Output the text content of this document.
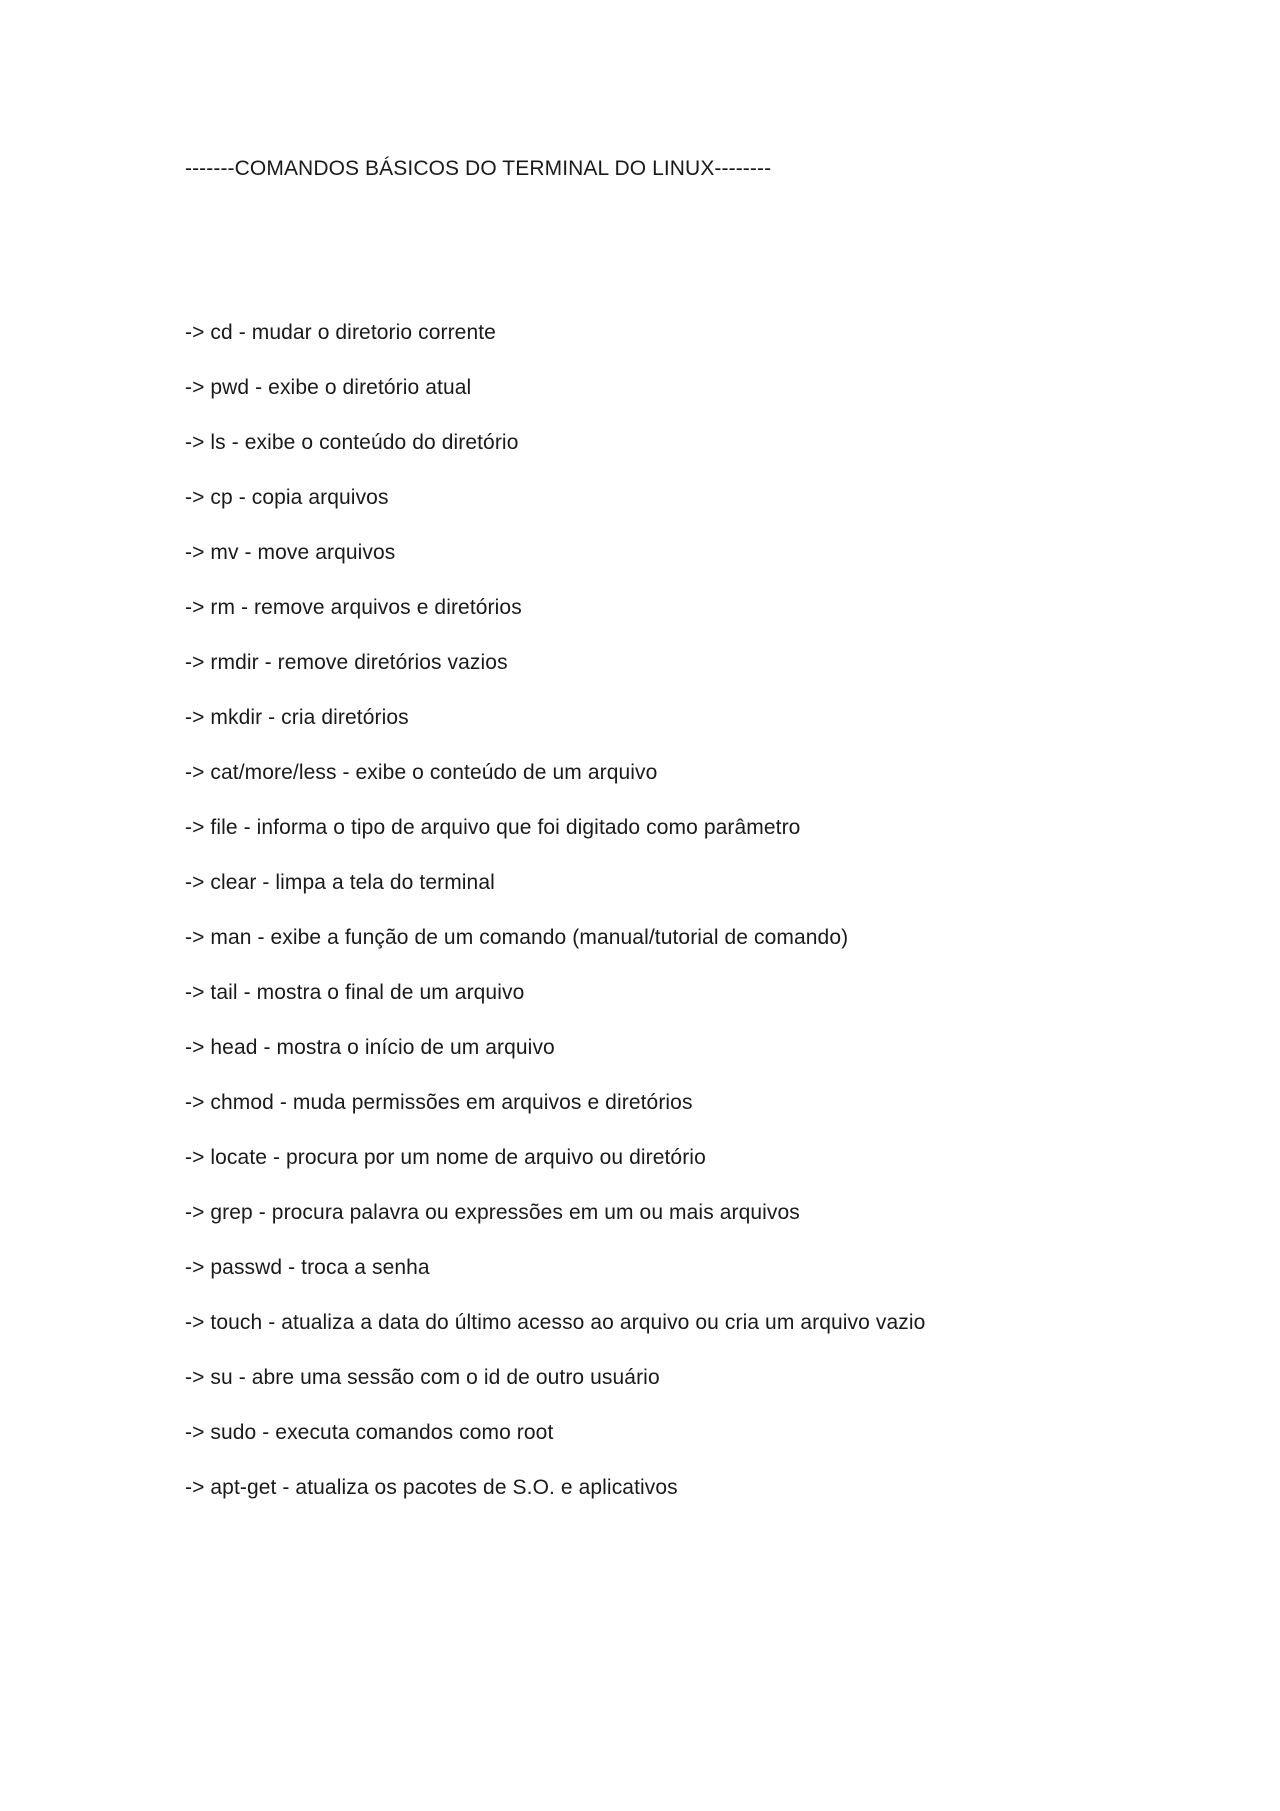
-------COMANDOS BÁSICOS DO TERMINAL DO LINUX--------
-> cd - mudar o diretorio corrente
-> pwd - exibe o diretório atual
-> ls - exibe o conteúdo do diretório
-> cp - copia arquivos
-> mv - move arquivos
-> rm - remove arquivos e diretórios
-> rmdir - remove diretórios vazios
-> mkdir - cria diretórios
-> cat/more/less - exibe o conteúdo de um arquivo
-> file - informa o tipo de arquivo que foi digitado como parâmetro
-> clear - limpa a tela do terminal
-> man - exibe a função de um comando (manual/tutorial de comando)
-> tail - mostra o final de um arquivo
-> head - mostra o início de um arquivo
-> chmod - muda permissões em arquivos e diretórios
-> locate - procura por um nome de arquivo ou diretório
-> grep - procura palavra ou expressões em um ou mais arquivos
-> passwd - troca a senha
-> touch - atualiza a data do último acesso ao arquivo ou cria um arquivo vazio
-> su - abre uma sessão com o id de outro usuário
-> sudo - executa comandos como root
-> apt-get - atualiza os pacotes de S.O. e aplicativos
